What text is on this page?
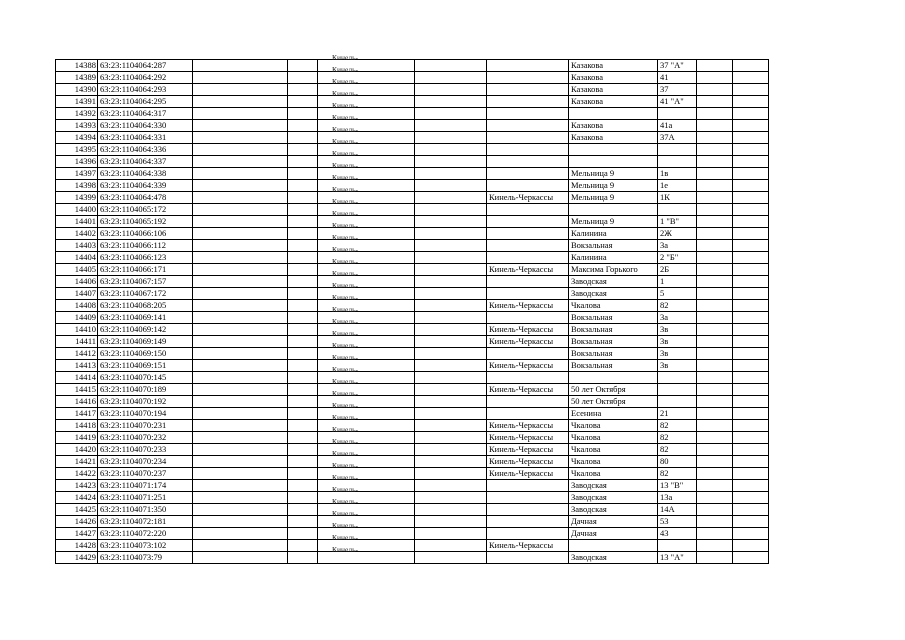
14388	63:23:1104064:287			Кинель-			Казакова	37 "А"		
14389	63:23:1104064:292			Кинель-			Казакова	41		
14390	63:23:1104064:293			Кинель-			Казакова	37		
14391	63:23:1104064:295			Кинель-			Казакова	41 "А"		
14392	63:23:1104064:317			Кинель-						

14393	63:23:1104064:330			Кинель-			Казакова	41а		
14394	63:23:1104064:331			Кинель-			Казакова	37А		
14395	63:23:1104064:336			Кинель-						

14396	63:23:1104064:337			Кинель-						

14397	63:23:1104064:338			Кинель-			Мельница 9	1в		
14398	63:23:1104064:339			Кинель-			Мельница 9	1е		
14399	63:23:1104064:478			Кинель-		Кинель-Черкассы	Мельница 9	1К		
14400	63:23:1104065:172			Кинель-						

14401	63:23:1104065:192			Кинель-			Мельница 9	1 "В"		
14402	63:23:1104066:106			Кинель-			Калинина	2Ж		
14403	63:23:1104066:112			Кинель-			Вокзальная	3а		
14404	63:23:1104066:123			Кинель-			Калинина	2 "Б"		
14405	63:23:1104066:171			Кинель-		Кинель-Черкассы	Максима Горького	2Б		
14406	63:23:1104067:157			Кинель-			Заводская	1		
14407	63:23:1104067:172			Кинель-			Заводская	5		
14408	63:23:1104068:205			Кинель-		Кинель-Черкассы	Чкалова	82		
14409	63:23:1104069:141			Кинель-			Вокзальная	3а		
14410	63:23:1104069:142			Кинель-		Кинель-Черкассы	Вокзальная	3в		
14411	63:23:1104069:149			Кинель-		Кинель-Черкассы	Вокзальная	3в		
14412	63:23:1104069:150			Кинель-			Вокзальная	3в		
14413	63:23:1104069:151			Кинель-		Кинель-Черкассы	Вокзальная	3в		
14414	63:23:1104070:145			Кинель-						

14415	63:23:1104070:189			Кинель-		Кинель-Черкассы	50 лет Октября			
14416	63:23:1104070:192			Кинель-			50 лет Октября			
14417	63:23:1104070:194			Кинель-			Есенина	21		
14418	63:23:1104070:231			Кинель-		Кинель-Черкассы	Чкалова	82		
14419	63:23:1104070:232			Кинель-		Кинель-Черкассы	Чкалова	82		
14420	63:23:1104070:233			Кинель-		Кинель-Черкассы	Чкалова	82		
14421	63:23:1104070:234			Кинель-		Кинель-Черкассы	Чкалова	80		
14422	63:23:1104070:237			Кинель-		Кинель-Черкассы	Чкалова	82		
14423	63:23:1104071:174			Кинель-			Заводская	13 "В"		
14424	63:23:1104071:251			Кинель-			Заводская	13а		
14425	63:23:1104071:350			Кинель-			Заводская	14А		
14426	63:23:1104072:181			Кинель-			Дачная	53		
14427	63:23:1104072:220			Кинель-			Дачная	43		
14428	63:23:1104073:102			Кинель-		Кинель-Черкассы				
14429	63:23:1104073:79			Кинель-			Заводская	13 "А"		
